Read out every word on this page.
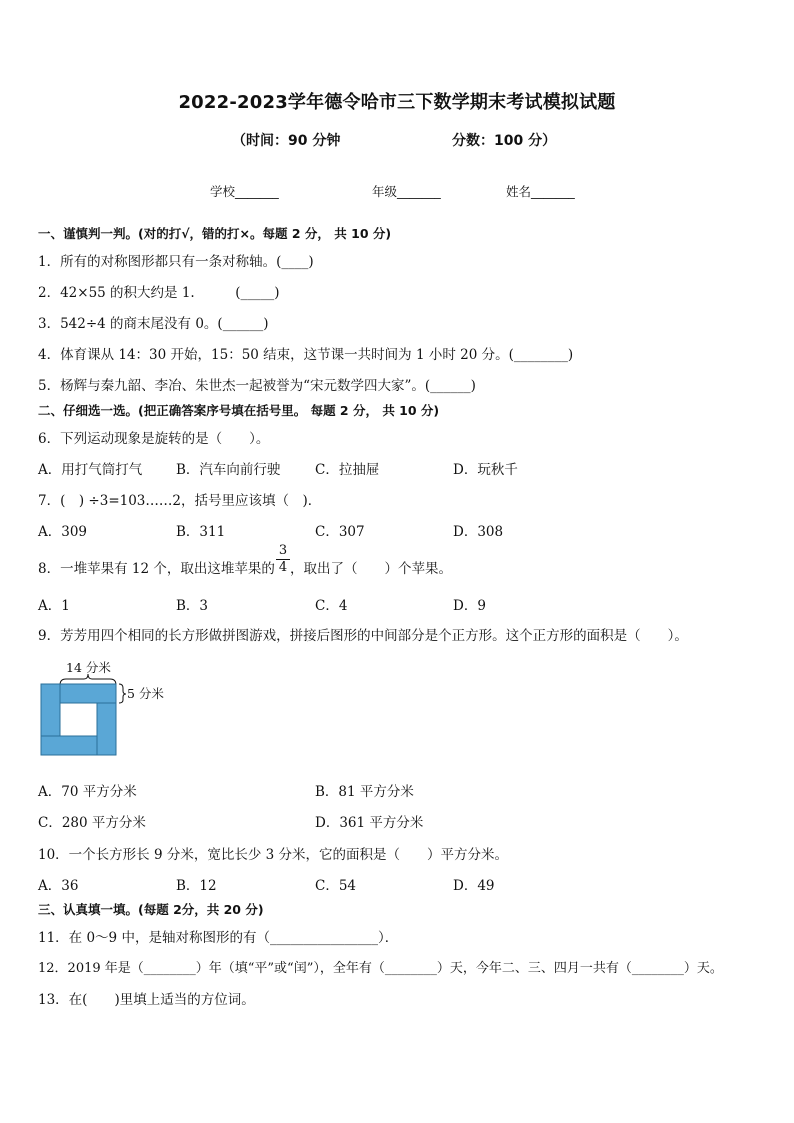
2022-2023学年德令哈市三下数学期末考试模拟试题
（时间：90 分钟	分数：100 分）
学校_______	年级_______	姓名_______
一、谨慎判一判。(对的打√，错的打×。每题 2 分， 共 10 分)
1．所有的对称图形都只有一条对称轴。(____)
2．42×55 的积大约是 1.　　　(_____)
3．542÷4 的商末尾没有 0。(______)
4．体育课从 14：30 开始，15：50 结束，这节课一共时间为 1 小时 20 分。(________)
5．杨辉与秦九韶、李冶、朱世杰一起被誉为“宋元数学四大家”。(______)
二、仔细选一选。(把正确答案序号填在括号里。 每题 2 分， 共 10 分)
6．下列运动现象是旋转的是（　　）。
A．用打气筒打气	B．汽车向前行驶	C．拉抽屉	D．玩秋千
7．(　) ÷3=103……2，括号里应该填（　)．
A．309	B．311	C．307	D．308
8．一堆苹果有 12 个，取出这堆苹果的
3
4 ，取出了（　　）个苹果。
A．1	B．3	C．4	D．9
9．芳芳用四个相同的长方形做拼图游戏，拼接后图形的中间部分是个正方形。这个正方形的面积是（　　）。
14 分米
5 分米
A．70 平方分米	B．81 平方分米
C．280 平方分米	D．361 平方分米
10．一个长方形长 9 分米，宽比长少 3 分米，它的面积是（　　）平方分米。
A．36	B．12	C．54	D．49
三、认真填一填。(每题 2分，共 20 分)
11．在 0～9 中，是轴对称图形的有（________________）．
12．2019 年是（________）年（填“平”或“闰”），全年有（________）天，今年二、三、四月一共有（________）天。
13．在(　　)里填上适当的方位词。
